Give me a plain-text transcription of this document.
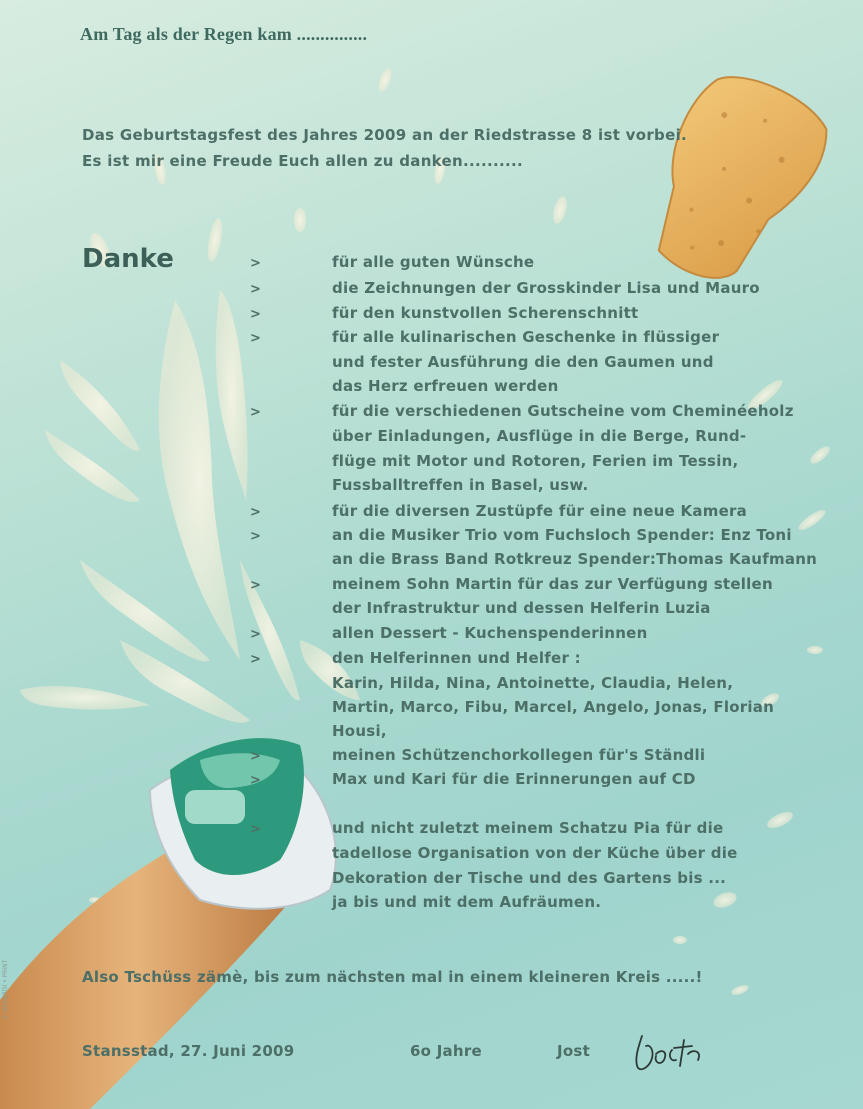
Am Tag als der Regen kam ...............
Das Geburtstagsfest des Jahres 2009 an der Riedstrasse 8 ist vorbei.
Es ist mir eine Freude Euch allen zu danken..........
Danke	>
>
>
>
>
>
>
>
>
>
>
>
>
für alle guten Wünsche
die Zeichnungen der Grosskinder Lisa und Mauro
für den kunstvollen Scherenschnitt
für alle kulinarischen Geschenke in flüssiger
und fester Ausführung die den Gaumen und
das Herz erfreuen werden
für die verschiedenen Gutscheine vom Cheminéeholz
über Einladungen, Ausflüge in die Berge, Rund-
flüge mit Motor und Rotoren, Ferien im Tessin,
Fussballtreffen in Basel, usw.
für die diversen Zustüpfe für eine neue Kamera
an die Musiker Trio vom Fuchsloch Spender: Enz Toni
an die Brass Band Rotkreuz Spender:Thomas Kaufmann
meinem Sohn Martin für das zur Verfügung stellen
der Infrastruktur und dessen Helferin Luzia
allen Dessert - Kuchenspenderinnen
den Helferinnen und Helfer :
Karin, Hilda, Nina, Antoinette, Claudia, Helen,
Martin, Marco, Fibu, Marcel, Angelo, Jonas, Florian
Housi,
meinen Schützenchorkollegen für's Ständli
Max und Kari für die Erinnerungen auf CD
und nicht zuletzt meinem Schatzu Pia für die
tadellose Organisation von der Küche über die
Dekoration der Tische und des Gartens bis ...
ja bis und mit dem Aufräumen.
Also Tschüss zämè, bis zum nächsten mal in einem kleineren Kreis .....!
Stansstad, 27. Juni 2009	6o Jahre	Jost
© DECARDI • PRINT
